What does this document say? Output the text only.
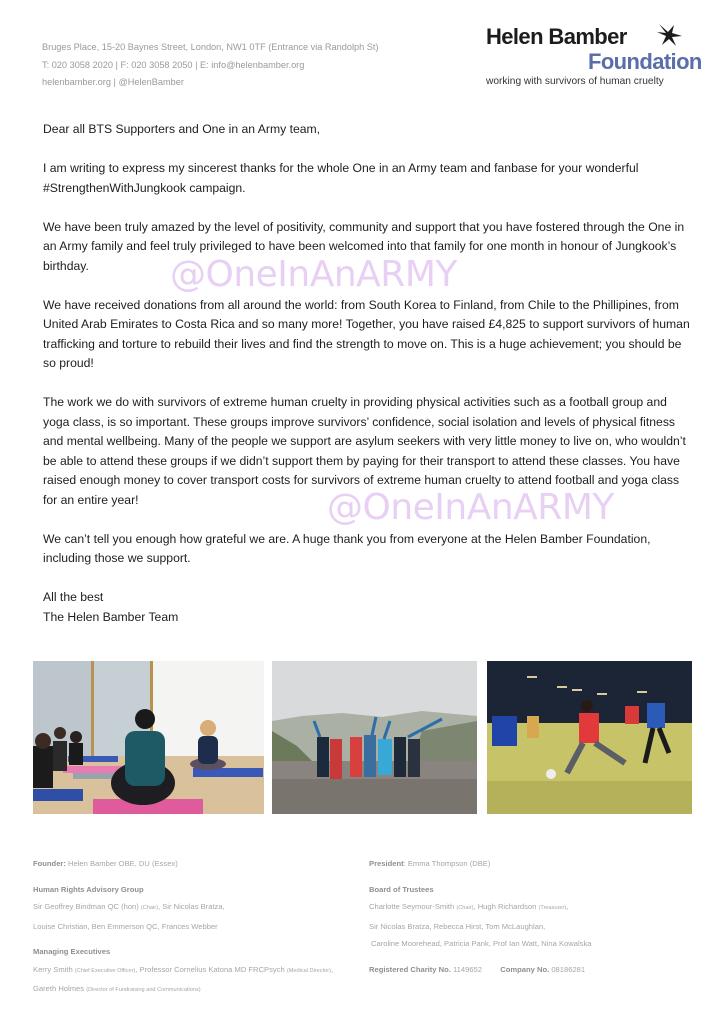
Bruges Place, 15-20 Baynes Street, London, NW1 0TF (Entrance via Randolph St)
T: 020 3058 2020 | F: 020 3058 2050 | E: info@helenbamber.org
helenbamber.org | @HelenBamber
Helen Bamber
Foundation
working with survivors of human cruelty

Dear all BTS Supporters and One in an Army team,

I am writing to express my sincerest thanks for the whole One in an Army team and fanbase for your wonderful #StrengthenWithJungkook campaign.

We have been truly amazed by the level of positivity, community and support that you have fostered through the One in an Army family and feel truly privileged to have been welcomed into that family for one month in honour of Jungkook’s birthday.

We have received donations from all around the world: from South Korea to Finland, from Chile to the Phillipines, from United Arab Emirates to Costa Rica and so many more! Together, you have raised £4,825 to support survivors of human trafficking and torture to rebuild their lives and find the strength to move on. This is a huge achievement; you should be so proud!

The work we do with survivors of extreme human cruelty in providing physical activities such as a football group and yoga class, is so important. These groups improve survivors’ confidence, social isolation and levels of physical fitness and mental wellbeing. Many of the people we support are asylum seekers with very little money to live on, who wouldn’t be able to attend these groups if we didn’t support them by paying for their transport to attend these classes. You have raised enough money to cover transport costs for survivors of extreme human cruelty to attend football and yoga class for an entire year!

We can’t tell you enough how grateful we are. A huge thank you from everyone at the Helen Bamber Foundation, including those we support.

All the best

The Helen Bamber Team

@OneInAnARMY
@OneInAnARMY
Founder: Helen Bamber OBE, DU (Essex)
Human Rights Advisory Group
Sir Geoffrey Bindman QC (hon) (Chair), Sir Nicolas Bratza,
Louise Christian, Ben Emmerson QC, Frances Webber
Managing Executives
Kerry Smith (Chief Executive Officer), Professor Cornelius Katona MD FRCPsych (Medical Director),
Gareth Holmes (Director of Fundraising and Communications)
President: Emma Thompson (DBE)
Board of Trustees
Charlotte Seymour-Smith (Chair), Hugh Richardson (Treasurer),
Sir Nicolas Bratza, Rebecca Hirst, Tom McLaughlan,
Caroline Moorehead, Patricia Pank, Prof Ian Watt, Nina Kowalska
Registered Charity No. 1149652 Company No. 08186281
